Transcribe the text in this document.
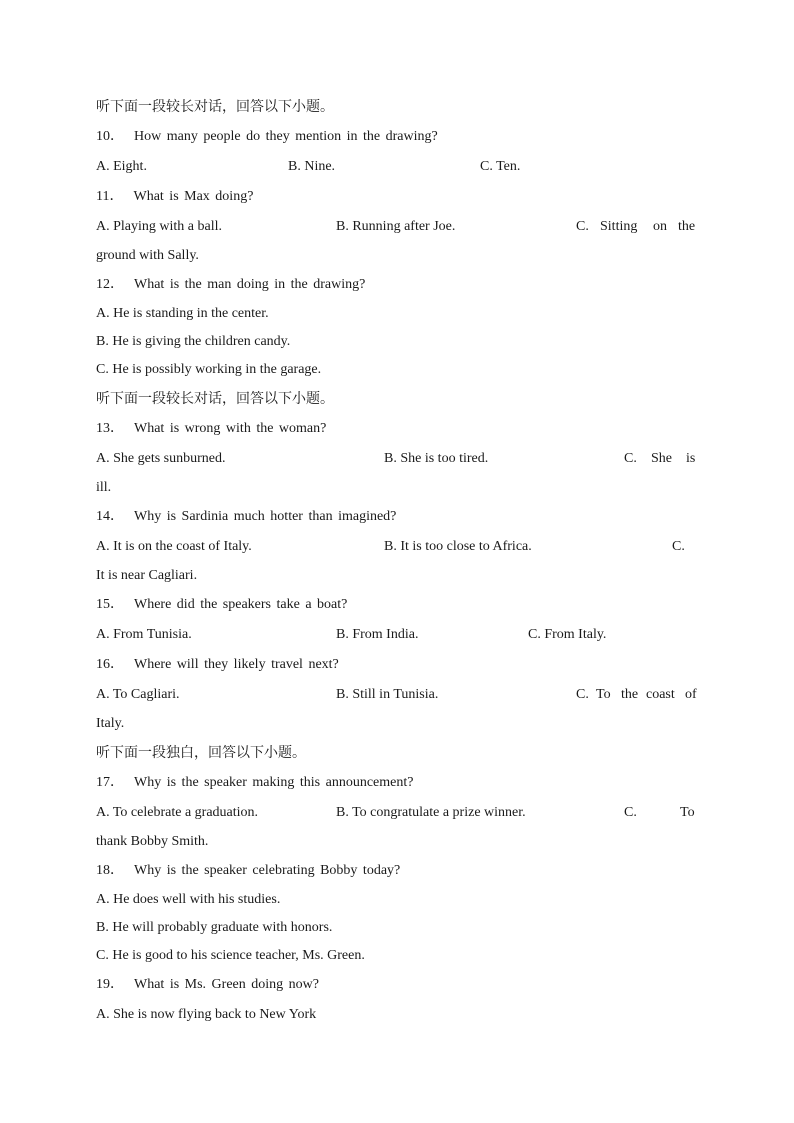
听下面一段较长对话，回答以下小题。
10． How many people do they mention in the drawing?
A. Eight.	B. Nine.	C. Ten.
11． What is Max doing?
A. Playing with a ball.	B. Running after Joe.	C. Sitting on the
ground with Sally.
12． What is the man doing in the drawing?
A. He is standing in the center.
B. He is giving the children candy.
C. He is possibly working in the garage.
听下面一段较长对话，回答以下小题。
13． What is wrong with the woman?
A. She gets sunburned.	B. She is too tired.	C. She is
ill.
14． Why is Sardinia much hotter than imagined?
A. It is on the coast of Italy.	B. It is too close to Africa.	C.
It is near Cagliari.
15． Where did the speakers take a boat?
A. From Tunisia.	B. From India.	C. From Italy.
16． Where will they likely travel next?
A. To Cagliari.	B. Still in Tunisia.	C. To the coast of
Italy.
听下面一段独白，回答以下小题。
17． Why is the speaker making this announcement?
A. To celebrate a graduation.	B. To congratulate a prize winner.	C.	To
thank Bobby Smith.
18． Why is the speaker celebrating Bobby today?
A. He does well with his studies.
B. He will probably graduate with honors.
C. He is good to his science teacher, Ms. Green.
19． What is Ms. Green doing now?
A. She is now flying back to New York
